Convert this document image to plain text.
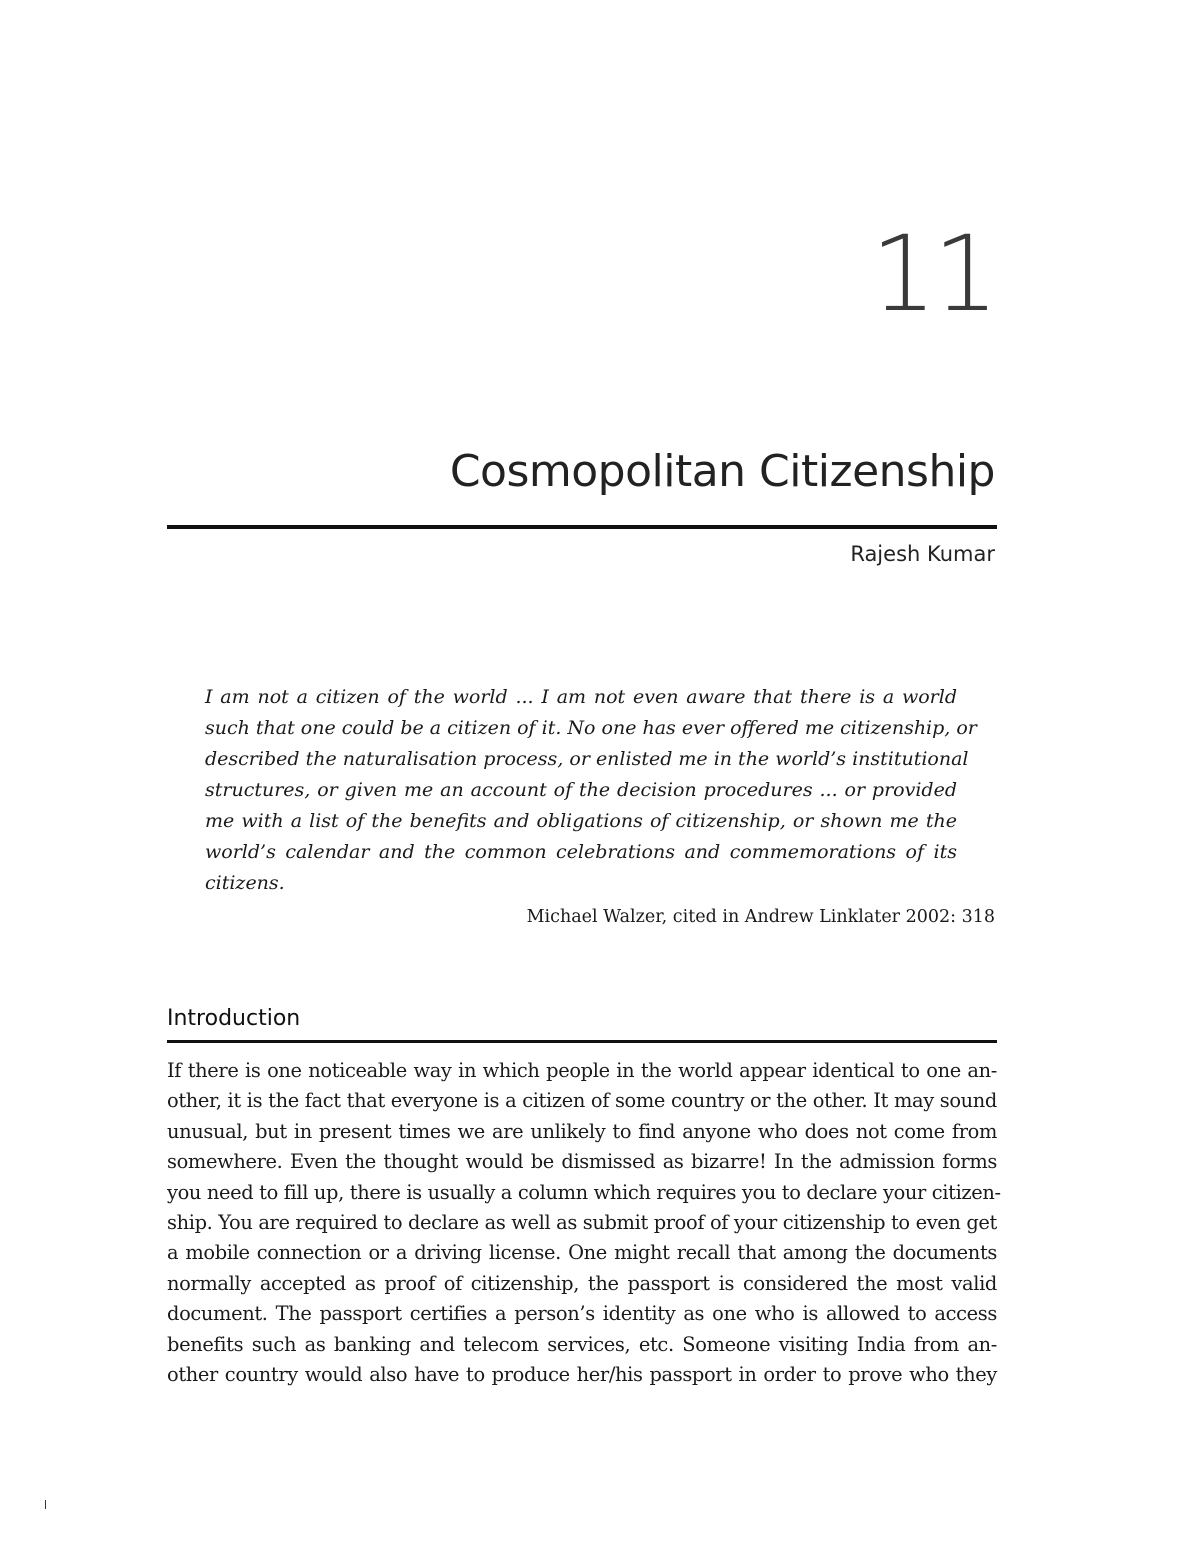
11
Cosmopolitan Citizenship
Rajesh Kumar
I am not a citizen of the world ... I am not even aware that there is a world
such that one could be a citizen of it. No one has ever offered me citizenship, or
described the naturalisation process, or enlisted me in the world’s institutional
structures, or given me an account of the decision procedures ... or provided
me with a list of the benefits and obligations of citizenship, or shown me the
world’s calendar and the common celebrations and commemorations of its
citizens.
Michael Walzer, cited in Andrew Linklater 2002: 318
Introduction

If there is one noticeable way in which people in the world appear identical to one an-
other, it is the fact that everyone is a citizen of some country or the other. It may sound
unusual, but in present times we are unlikely to find anyone who does not come from
somewhere. Even the thought would be dismissed as bizarre! In the admission forms
you need to fill up, there is usually a column which requires you to declare your citizen-
ship. You are required to declare as well as submit proof of your citizenship to even get
a mobile connection or a driving license. One might recall that among the documents
normally accepted as proof of citizenship, the passport is considered the most valid
document. The passport certifies a person’s identity as one who is allowed to access
benefits such as banking and telecom services, etc. Someone visiting India from an-
other country would also have to produce her/his passport in order to prove who they
